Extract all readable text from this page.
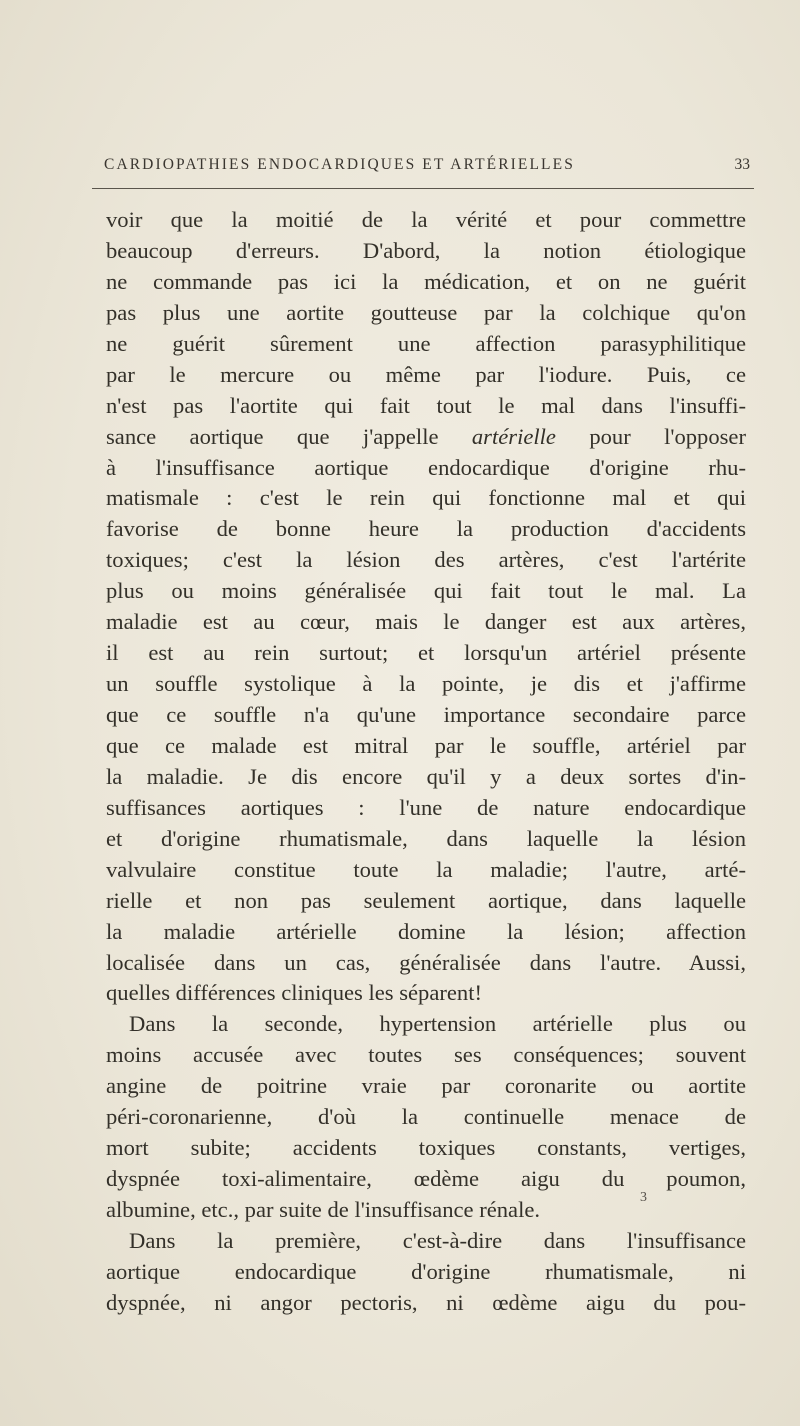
CARDIOPATHIES ENDOCARDIQUES ET ARTÉRIELLES	33
voir que la moitié de la vérité et pour commettre
beaucoup d'erreurs. D'abord, la notion étiologique
ne commande pas ici la médication, et on ne guérit
pas plus une aortite goutteuse par la colchique qu'on
ne guérit sûrement une affection parasyphilitique
par le mercure ou même par l'iodure. Puis, ce
n'est pas l'aortite qui fait tout le mal dans l'insuffi-
sance aortique que j'appelle artérielle pour l'opposer
à l'insuffisance aortique endocardique d'origine rhu-
matismale : c'est le rein qui fonctionne mal et qui
favorise de bonne heure la production d'accidents
toxiques; c'est la lésion des artères, c'est l'artérite
plus ou moins généralisée qui fait tout le mal. La
maladie est au cœur, mais le danger est aux artères,
il est au rein surtout; et lorsqu'un artériel présente
un souffle systolique à la pointe, je dis et j'affirme
que ce souffle n'a qu'une importance secondaire parce
que ce malade est mitral par le souffle, artériel par
la maladie. Je dis encore qu'il y a deux sortes d'in-
suffisances aortiques : l'une de nature endocardique
et d'origine rhumatismale, dans laquelle la lésion
valvulaire constitue toute la maladie; l'autre, arté-
rielle et non pas seulement aortique, dans laquelle
la maladie artérielle domine la lésion; affection
localisée dans un cas, généralisée dans l'autre. Aussi,
quelles différences cliniques les séparent!
Dans la seconde, hypertension artérielle plus ou
moins accusée avec toutes ses conséquences; souvent
angine de poitrine vraie par coronarite ou aortite
péri-coronarienne, d'où la continuelle menace de
mort subite; accidents toxiques constants, vertiges,
dyspnée toxi-alimentaire, œdème aigu du poumon,
albumine, etc., par suite de l'insuffisance rénale.
Dans la première, c'est-à-dire dans l'insuffisance
aortique endocardique d'origine rhumatismale, ni
dyspnée, ni angor pectoris, ni œdème aigu du pou-
3
